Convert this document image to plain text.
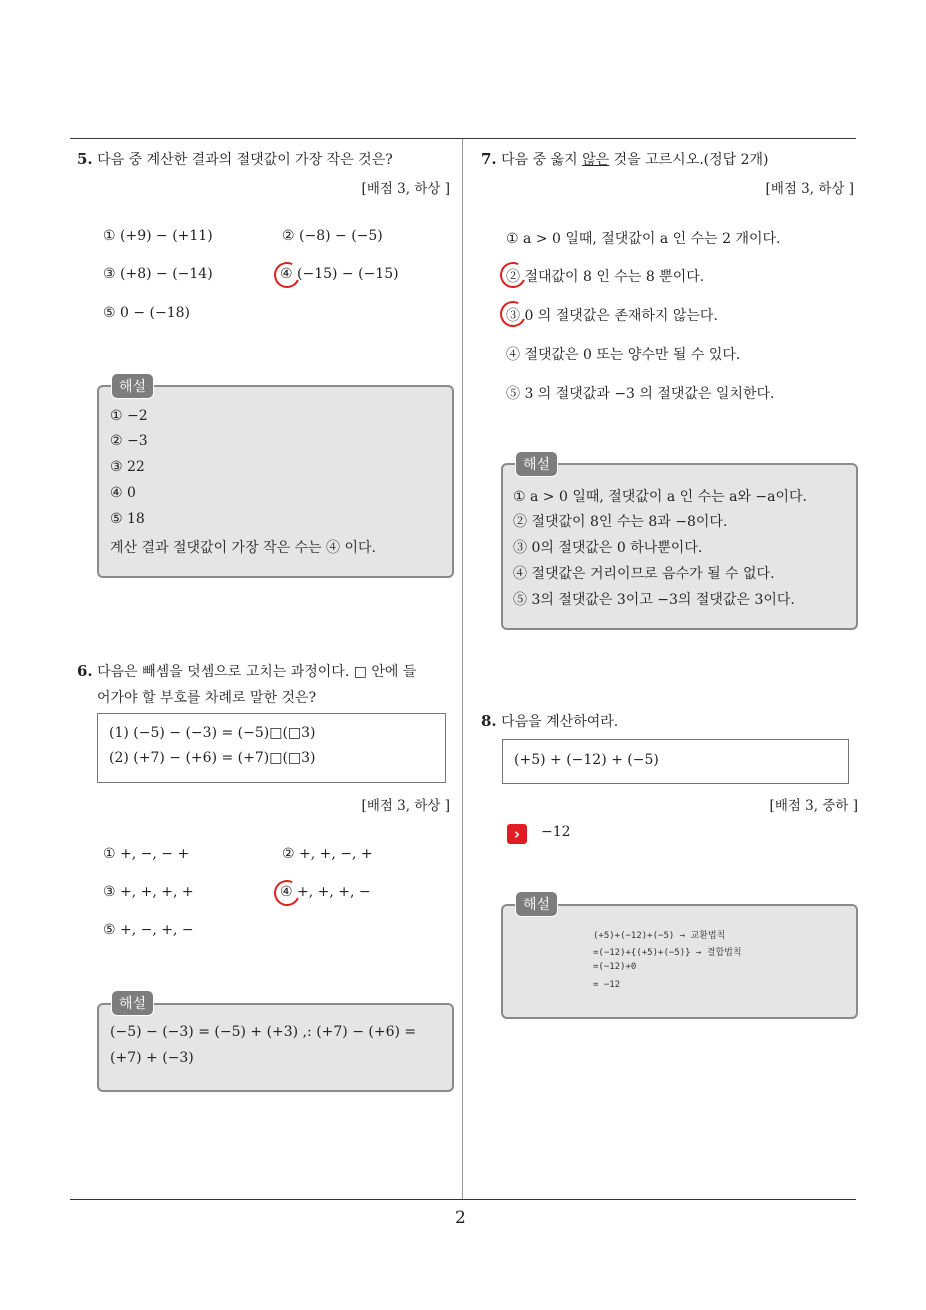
2
5. 다음 중 계산한 결과의 절댓값이 가장 작은 것은?
[배점 3, 하상 ]
① (+9) − (+11)	② (−8) − (−5)
③ (+8) − (−14)	④ (−15) − (−15)
⑤ 0 − (−18)
해설
① −2
② −3
③ 22
④ 0
⑤ 18
계산 결과 절댓값이 가장 작은 수는 ④ 이다.
6. 다음은 빼셈을 덧셈으로 고치는 과정이다. □ 안에 들
어가야 할 부호를 차례로 말한 것은?
(1) (−5) − (−3) = (−5)□(□3)
(2) (+7) − (+6) = (+7)□(□3)
[배점 3, 하상 ]
① +, −, − +	② +, +, −, +
③ +, +, +, +	④ +, +, +, −
⑤ +, −, +, −
해설
(−5) − (−3) = (−5) + (+3) ,: (+7) − (+6) =
(+7) + (−3)
7. 다음 중 옳지 않은 것을 고르시오.(정답 2개)
[배점 3, 하상 ]
① a > 0 일때, 절댓값이 a 인 수는 2 개이다.
② 절대값이 8 인 수는 8 뿐이다.
③ 0 의 절댓값은 존재하지 않는다.
④ 절댓값은 0 또는 양수만 될 수 있다.
⑤ 3 의 절댓값과 −3 의 절댓값은 일치한다.
해설
① a > 0 일때, 절댓값이 a 인 수는 a와 −a이다.
② 절댓값이 8인 수는 8과 −8이다.
③ 0의 절댓값은 0 하나뿐이다.
④ 절댓값은 거리이므로 음수가 될 수 없다.
⑤ 3의 절댓값은 3이고 −3의 절댓값은 3이다.
8. 다음을 계산하여라.
(+5) + (−12) + (−5)
[배점 3, 중하 ]
›	−12
해설
(+5)+(−12)+(−5) → 교환법칙
=(−12)+{(+5)+(−5)} → 결합법칙
=(−12)+0
= −12
